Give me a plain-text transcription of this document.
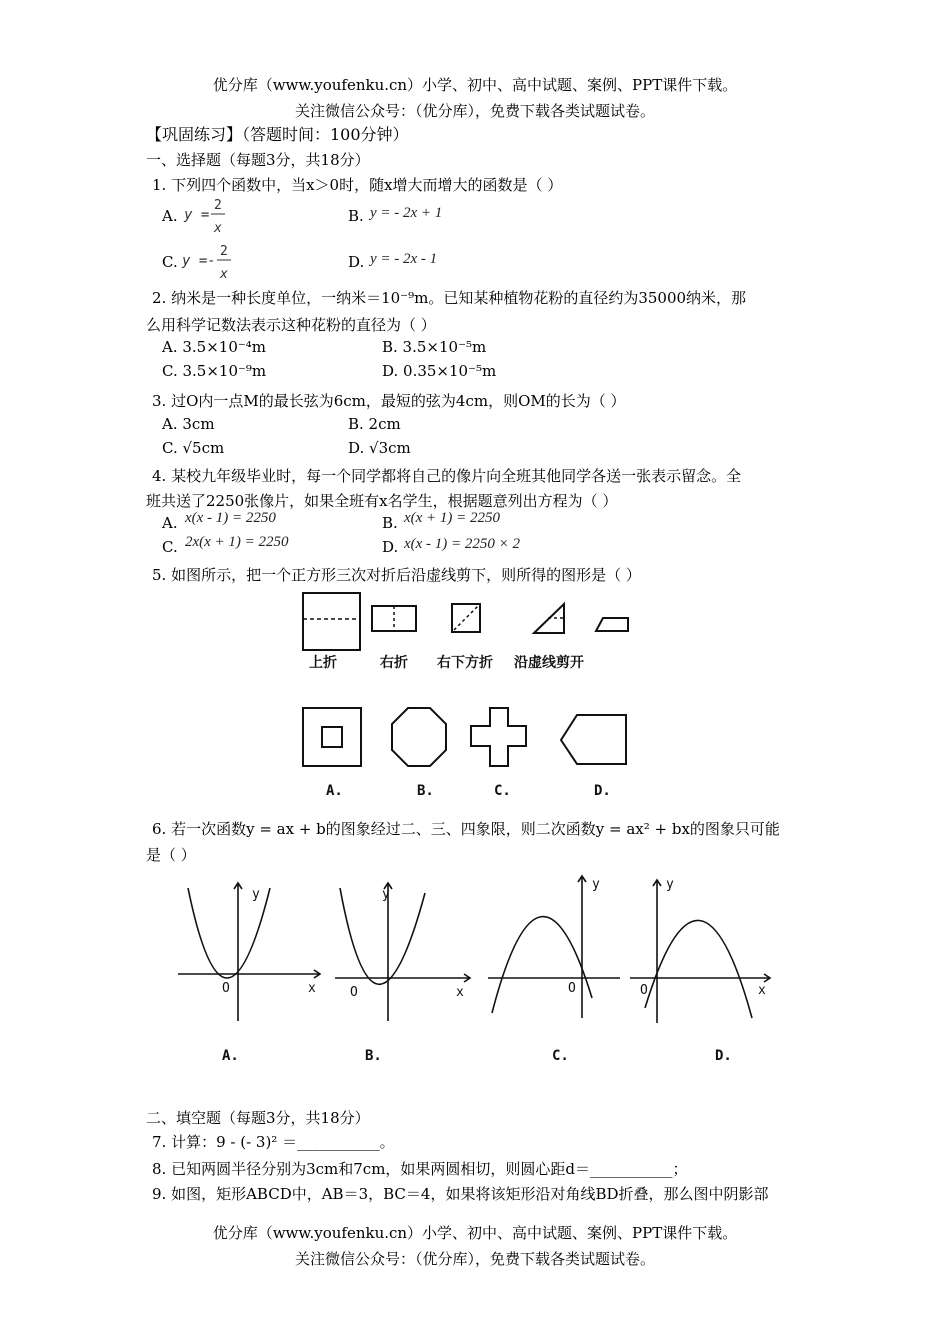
优分库（www.youfenku.cn）小学、初中、高中试题、案例、PPT课件下载。
关注微信公众号：（优分库），免费下载各类试题试卷。
【巩固练习】（答题时间：100分钟）
一、选择题（每题3分，共18分）
1. 下列四个函数中，当x＞0时，随x增大而增大的函数是（ ）
A. y =
2
x
B. y = - 2x + 1
C. y =-
2
x
D. y = - 2x - 1
2. 纳米是一种长度单位，一纳米＝10⁻⁹m。已知某种植物花粉的直径约为35000纳米，那
么用科学记数法表示这种花粉的直径为（ ）
A. 3.5×10⁻⁴m	B. 3.5×10⁻⁵m
C. 3.5×10⁻⁹m	D. 0.35×10⁻⁵m
3. 过O内一点M的最长弦为6cm，最短的弦为4cm，则OM的长为（ ）
A. 3cm	B. 2cm
C. √5cm	D. √3cm
4. 某校九年级毕业时，每一个同学都将自己的像片向全班其他同学各送一张表示留念。全
班共送了2250张像片，如果全班有x名学生，根据题意列出方程为（ ）
A. x(x - 1) = 2250	B. x(x + 1) = 2250
C. 2x(x + 1) = 2250	D. x(x - 1) = 2250 × 2
5. 如图所示，把一个正方形三次对折后沿虚线剪下，则所得的图形是（ ）
上折	右折 右下方折 沿虚线剪开
A.	B.	C.	D.
6. 若一次函数y = ax + b的图象经过二、三、四象限，则二次函数y = ax² + bx的图象只可能
是（ ）
y
x
O
y
x
O
y
O
y
x
O
A.	B.	C.	D.
二、填空题（每题3分，共18分）
7. 计算：9 - (- 3)² ＝___________。
8. 已知两圆半径分别为3cm和7cm，如果两圆相切，则圆心距d＝___________；
9. 如图，矩形ABCD中，AB＝3，BC＝4，如果将该矩形沿对角线BD折叠，那么图中阴影部
优分库（www.youfenku.cn）小学、初中、高中试题、案例、PPT课件下载。
关注微信公众号：（优分库），免费下载各类试题试卷。
